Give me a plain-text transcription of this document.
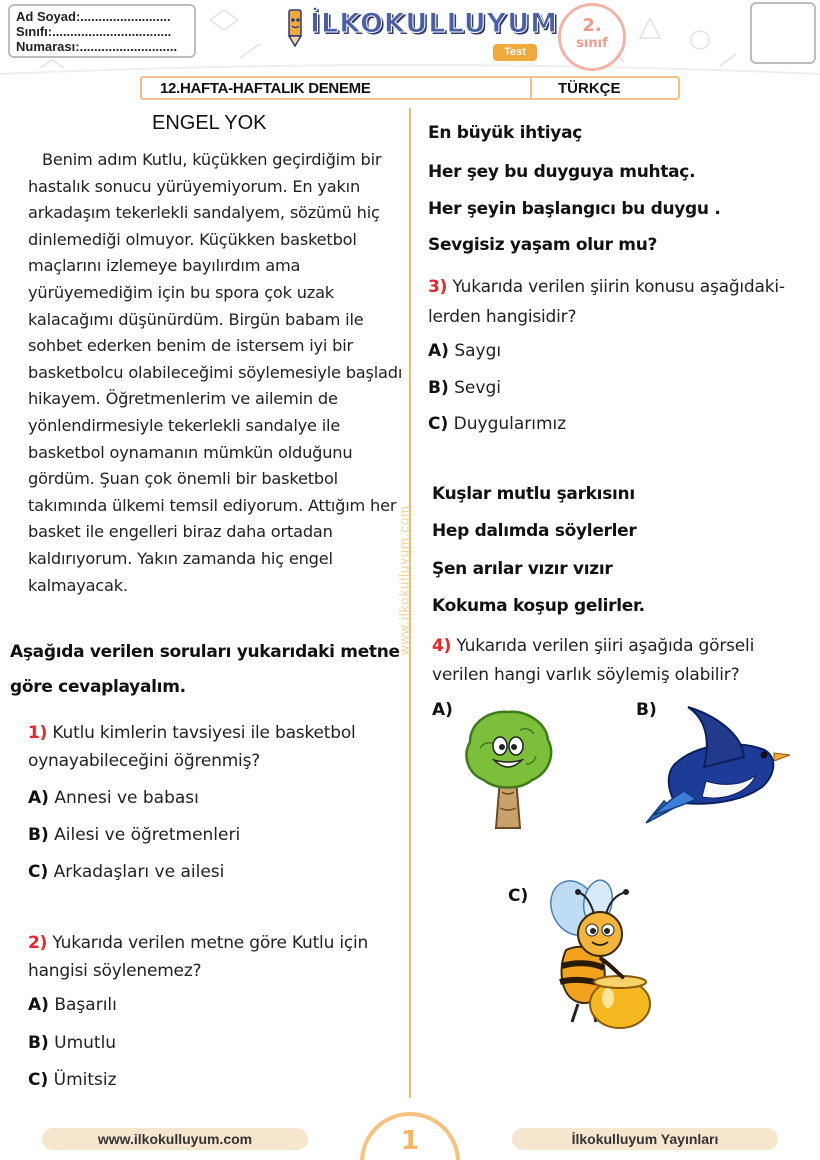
Ad Soyad:.........................
Sınıfı:.................................
Numarası:...........................
İLKOKULLUYUM
Test
2.
sınıf
12.HAFTA-HAFTALIK DENEME	TÜRKÇE
www.ilkokulluyum.com
ENGEL YOK
Benim adım Kutlu, küçükken geçirdiğim bir hastalık sonucu yürüyemiyorum. En yakın arkadaşım tekerlekli sandalyem, sözümü hiç dinlemediği olmuyor. Küçükken basketbol maçlarını izlemeye bayılırdım ama yürüyemediğim için bu spora çok uzak kalacağımı düşünürdüm. Birgün babam ile sohbet ederken benim de istersem iyi bir basketbolcu olabileceğimi söylemesiyle başladı hikayem. Öğretmenlerim ve ailemin de yönlendirmesiyle tekerlekli sandalye ile basketbol oynamanın mümkün olduğunu gördüm. Şuan çok önemli bir basketbol takımında ülkemi temsil ediyorum. Attığım her basket ile engelleri biraz daha ortadan kaldırıyorum. Yakın zamanda hiç engel kalmayacak.
Aşağıda verilen soruları yukarıdaki metne göre cevaplayalım.
1) Kutlu kimlerin tavsiyesi ile basketbol oynayabileceğini öğrenmiş?
A) Annesi ve babası
B) Ailesi ve öğretmenleri
C) Arkadaşları ve ailesi
2) Yukarıda verilen metne göre Kutlu için hangisi söylenemez?
A) Başarılı
B) Umutlu
C) Ümitsiz
En büyük ihtiyaç
Her şey bu duyguya muhtaç.
Her şeyin başlangıcı bu duygu .
Sevgisiz yaşam olur mu?
3) Yukarıda verilen şiirin konusu aşağıdaki-lerden hangisidir?
A) Saygı
B) Sevgi
C) Duygularımız
Kuşlar mutlu şarkısını
Hep dalımda söylerler
Şen arılar vızır vızır
Kokuma koşup gelirler.
4) Yukarıda verilen şiiri aşağıda görseli verilen hangi varlık söylemiş olabilir?
A)	B)
C)
www.ilkokulluyum.com	1	İlkokulluyum Yayınları
